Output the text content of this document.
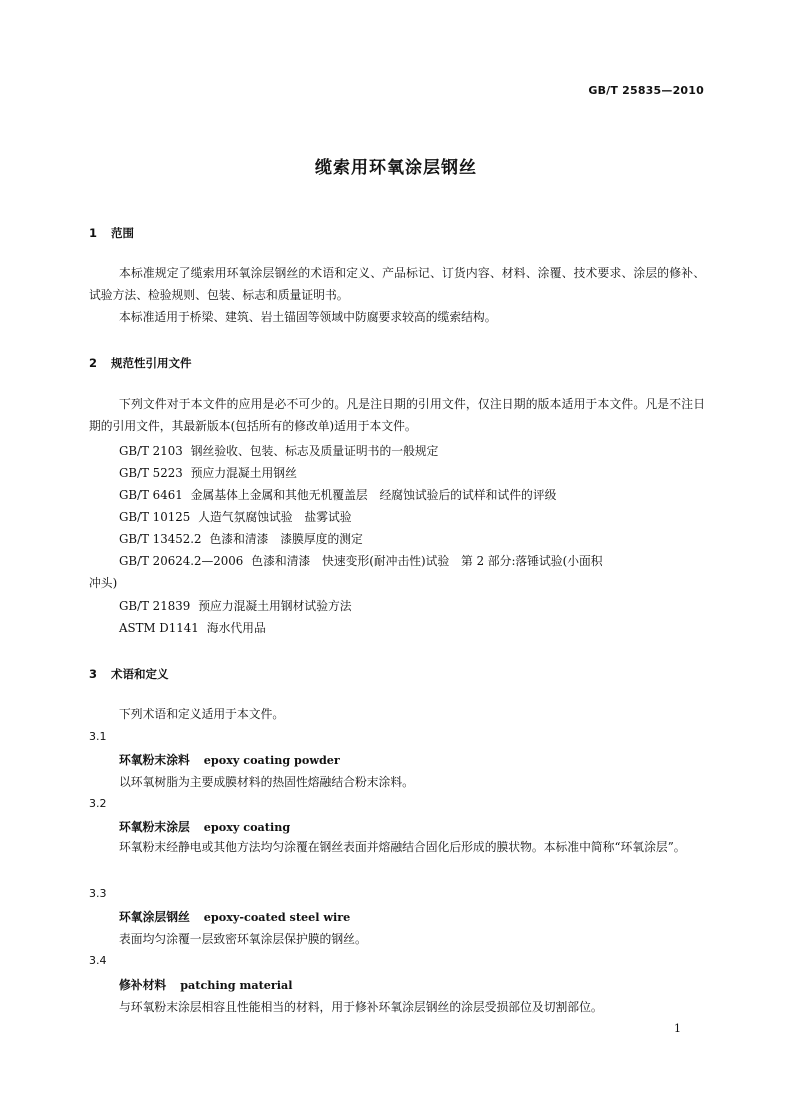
GB/T 25835—2010
缆索用环氧涂层钢丝
1 范围
本标准规定了缆索用环氧涂层钢丝的术语和定义、产品标记、订货内容、材料、涂覆、技术要求、涂层的修补、试验方法、检验规则、包装、标志和质量证明书。
本标准适用于桥梁、建筑、岩土锚固等领域中防腐要求较高的缆索结构。
2 规范性引用文件
下列文件对于本文件的应用是必不可少的。凡是注日期的引用文件，仅注日期的版本适用于本文件。凡是不注日期的引用文件，其最新版本(包括所有的修改单)适用于本文件。
GB/T 2103 钢丝验收、包装、标志及质量证明书的一般规定
GB/T 5223 预应力混凝土用钢丝
GB/T 6461 金属基体上金属和其他无机覆盖层　经腐蚀试验后的试样和试件的评级
GB/T 10125 人造气氛腐蚀试验　盐雾试验
GB/T 13452.2 色漆和清漆　漆膜厚度的测定
GB/T 20624.2—2006 色漆和清漆　快速变形(耐冲击性)试验　第 2 部分:落锤试验(小面积
冲头)
GB/T 21839 预应力混凝土用钢材试验方法
ASTM D1141 海水代用品
3 术语和定义
下列术语和定义适用于本文件。
3.1
环氧粉末涂料 epoxy coating powder
以环氧树脂为主要成膜材料的热固性熔融结合粉末涂料。
3.2
环氧粉末涂层 epoxy coating
环氧粉末经静电或其他方法均匀涂覆在钢丝表面并熔融结合固化后形成的膜状物。本标准中简称“环氧涂层”。
3.3
环氧涂层钢丝 epoxy-coated steel wire
表面均匀涂覆一层致密环氧涂层保护膜的钢丝。
3.4
修补材料 patching material
与环氧粉末涂层相容且性能相当的材料，用于修补环氧涂层钢丝的涂层受损部位及切割部位。
1
